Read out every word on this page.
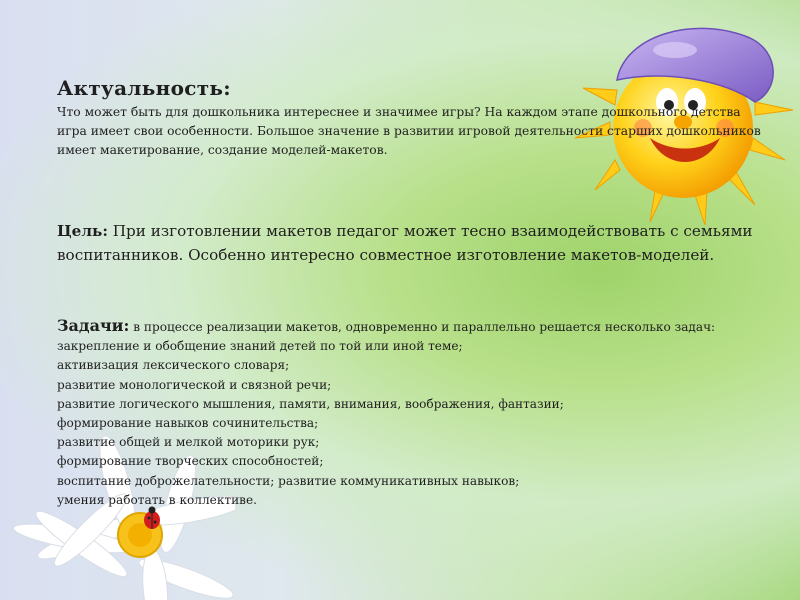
Актуальность:
Что может быть для дошкольника интереснее и значимее игры? На каждом этапе дошкольного детства игра имеет свои особенности. Большое значение в развитии игровой деятельности старших дошкольников имеет макетирование, создание моделей-макетов.
Цель: При изготовлении макетов педагог может тесно взаимодействовать с семьями воспитанников. Особенно интересно совместное изготовление макетов-моделей.
Задачи: в процессе реализации макетов, одновременно и параллельно решается несколько задач:
закрепление и обобщение знаний детей по той или иной теме;
активизация лексического словаря;
развитие монологической и связной речи;
развитие логического мышления, памяти, внимания, воображения, фантазии;
формирование навыков сочинительства;
развитие общей и мелкой моторики рук;
формирование творческих способностей;
воспитание доброжелательности; развитие коммуникативных навыков;
умения работать в коллективе.
